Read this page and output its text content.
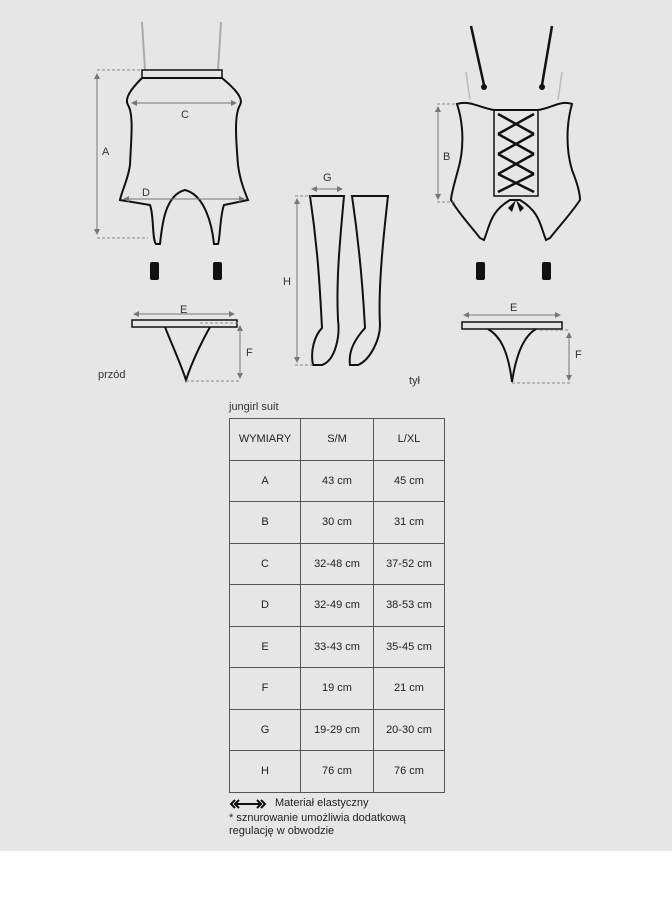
A
C
D
E
F
G
H
B
E
F
przód	tył
jungirl suit
WYMIARY	S/M	L/XL
A	43 cm	45 cm
B	30 cm	31 cm
C	32-48 cm	37-52 cm
D	32-49 cm	38-53 cm
E	33-43 cm	35-45 cm
F	19 cm	21 cm
G	19-29 cm	20-30 cm
H	76 cm	76 cm
Materiał elastyczny
* sznurowanie umożliwia dodatkową
regulację w obwodzie
